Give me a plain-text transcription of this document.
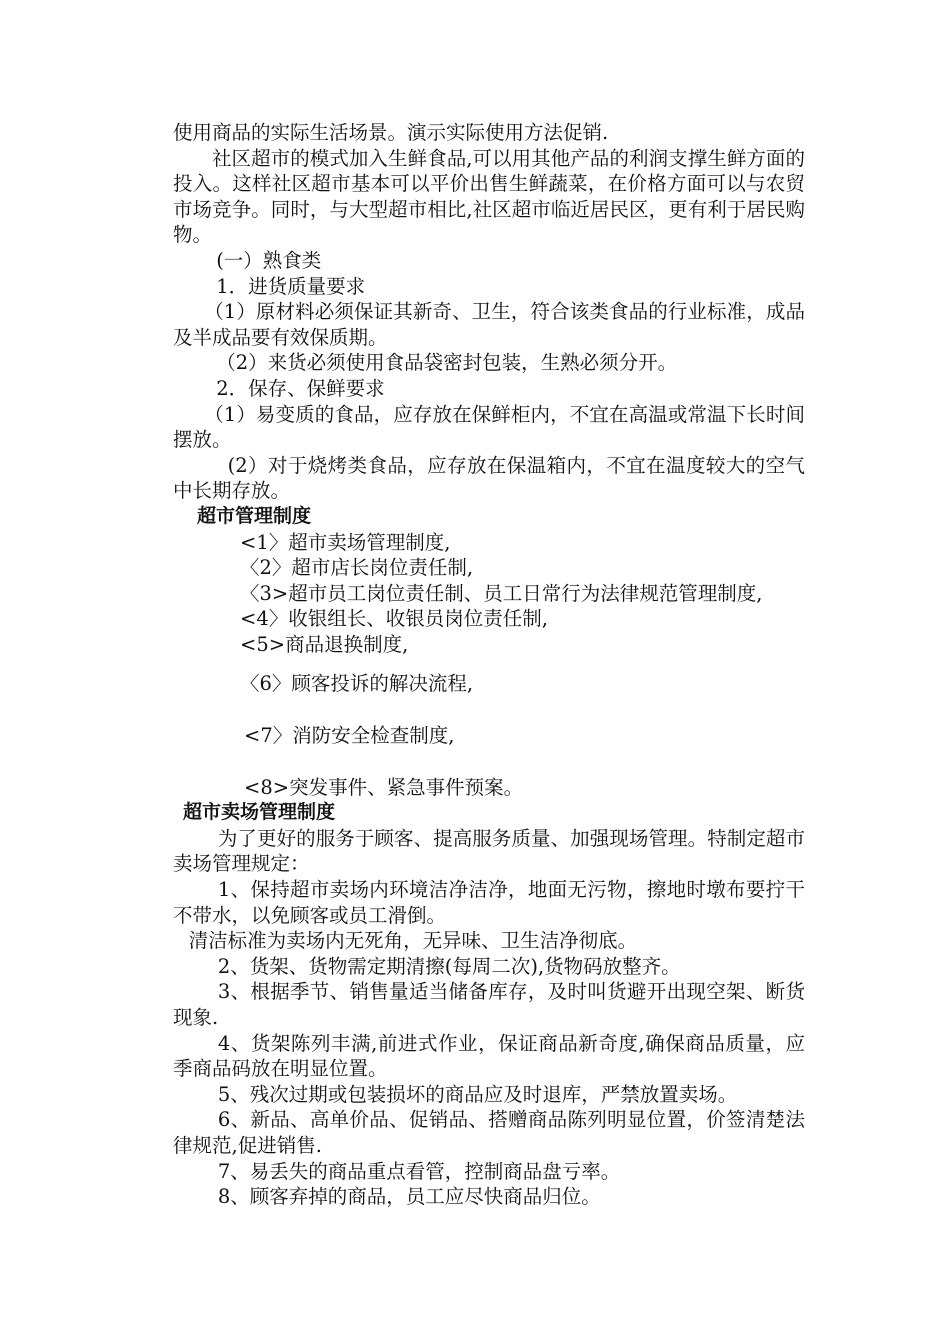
使用商品的实际生活场景。演示实际使用方法促销.

社区超市的模式加入生鲜食品,可以用其他产品的利润支撑生鲜方面的投入。这样社区超市基本可以平价出售生鲜蔬菜，在价格方面可以与农贸市场竞争。同时，与大型超市相比,社区超市临近居民区，更有利于居民购物。

(一）熟食类

1．进货质量要求

（1）原材料必须保证其新奇、卫生，符合该类食品的行业标准，成品及半成品要有效保质期。

（2）来货必须使用食品袋密封包装，生熟必须分开。

2．保存、保鲜要求

（1）易变质的食品，应存放在保鲜柜内，不宜在高温或常温下长时间摆放。

(2）对于烧烤类食品，应存放在保温箱内，不宜在温度较大的空气中长期存放。

超市管理制度

<1〉超市卖场管理制度,

〈2〉超市店长岗位责任制,

〈3>超市员工岗位责任制、员工日常行为法律规范管理制度,

<4〉收银组长、收银员岗位责任制,

<5>商品退换制度,

〈6〉顾客投诉的解决流程,

<7〉消防安全检查制度,

<8>突发事件、紧急事件预案。

超市卖场管理制度

为了更好的服务于顾客、提高服务质量、加强现场管理。特制定超市卖场管理规定：

1、保持超市卖场内环境洁净洁净，地面无污物，擦地时墩布要拧干不带水，以免顾客或员工滑倒。

清洁标准为卖场内无死角，无异味、卫生洁净彻底。

2、货架、货物需定期清擦(每周二次),货物码放整齐。

3、根据季节、销售量适当储备库存，及时叫货避开出现空架、断货现象.

4、货架陈列丰满,前进式作业，保证商品新奇度,确保商品质量，应季商品码放在明显位置。

5、残次过期或包装损坏的商品应及时退库，严禁放置卖场。

6、新品、高单价品、促销品、搭赠商品陈列明显位置，价签清楚法律规范,促进销售.

7、易丢失的商品重点看管，控制商品盘亏率。

8、顾客弃掉的商品，员工应尽快商品归位。
